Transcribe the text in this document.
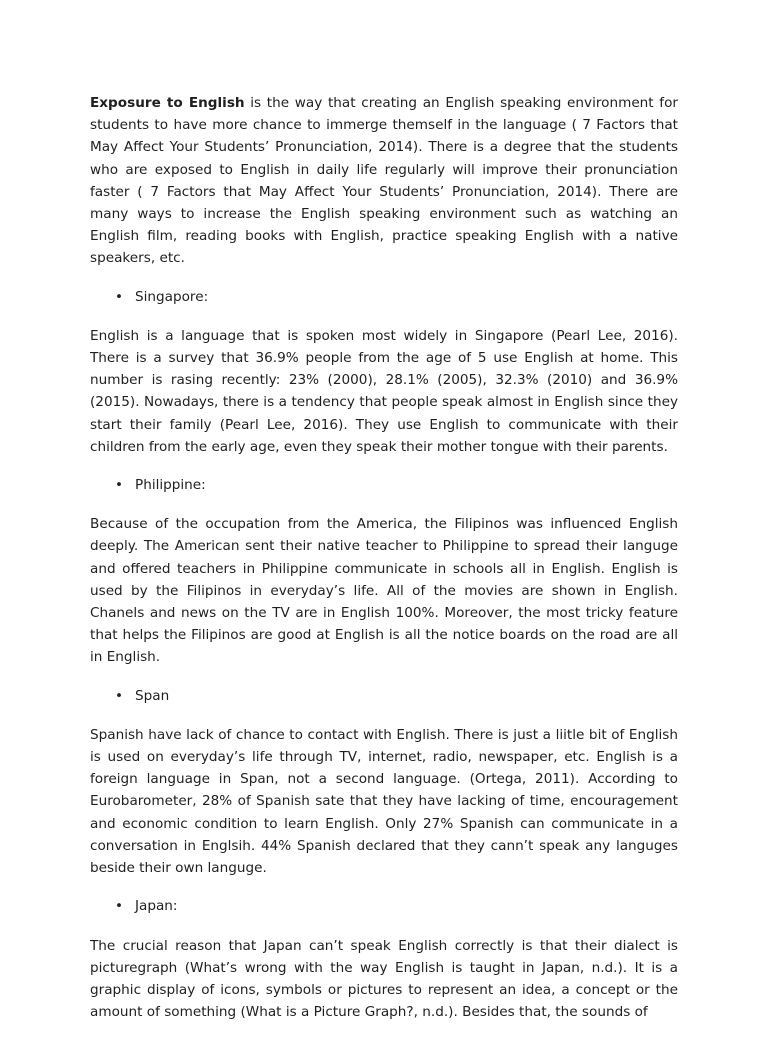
Exposure to English is the way that creating an English speaking environment for students to have more chance to immerge themself in the language ( 7 Factors that May Affect Your Students’ Pronunciation, 2014). There is a degree that the students who are exposed to English in daily life regularly will improve their pronunciation faster ( 7 Factors that May Affect Your Students’ Pronunciation, 2014). There are many ways to increase the English speaking environment such as watching an English film, reading books with English, practice speaking English with a native speakers, etc.

• Singapore:

English is a language that is spoken most widely in Singapore (Pearl Lee, 2016). There is a survey that 36.9% people from the age of 5 use English at home. This number is rasing recently: 23% (2000), 28.1% (2005), 32.3% (2010) and 36.9% (2015). Nowadays, there is a tendency that people speak almost in English since they start their family (Pearl Lee, 2016). They use English to communicate with their children from the early age, even they speak their mother tongue with their parents.

• Philippine:

Because of the occupation from the America, the Filipinos was influenced English deeply. The American sent their native teacher to Philippine to spread their languge and offered teachers in Philippine communicate in schools all in English. English is used by the Filipinos in everyday’s life. All of the movies are shown in English. Chanels and news on the TV are in English 100%. Moreover, the most tricky feature that helps the Filipinos are good at English is all the notice boards on the road are all in English.

• Span

Spanish have lack of chance to contact with English. There is just a liitle bit of English is used on everyday’s life through TV, internet, radio, newspaper, etc. English is a foreign language in Span, not a second language. (Ortega, 2011). According to Eurobarometer, 28% of Spanish sate that they have lacking of time, encouragement and economic condition to learn English. Only 27% Spanish can communicate in a conversation in Englsih. 44% Spanish declared that they cann’t speak any languges beside their own languge.

• Japan:

The crucial reason that Japan can’t speak English correctly is that their dialect is picturegraph (What’s wrong with the way English is taught in Japan, n.d.). It is a graphic display of icons, symbols or pictures to represent an idea, a concept or the amount of something (What is a Picture Graph?, n.d.). Besides that, the sounds of
